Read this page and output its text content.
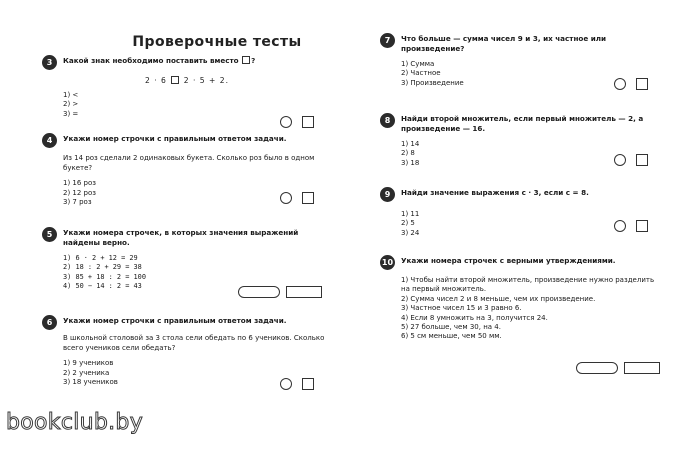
Проверочные тесты
3	Какой знак необходимо поставить вместо ?
2 · 6  2 · 5 + 2.
1) <
2) >
3) =
4	Укажи номер строчки с правильным ответом задачи.
Из 14 роз сделали 2 одинаковых букета. Сколько роз было в одном букете?
1) 16 роз
2) 12 роз
3) 7 роз
5	Укажи номера строчек, в которых значения выражений найдены верно.
1) 6 · 2 + 12 = 29
2) 18 : 2 + 29 = 38
3) 85 + 18 : 2 = 100
4) 50 − 14 : 2 = 43
6	Укажи номер строчки с правильным ответом задачи.
В школьной столовой за 3 стола сели обедать по 6 учеников. Сколько всего учеников сели обедать?
1) 9 учеников
2) 2 ученика
3) 18 учеников
7	Что больше — сумма чисел 9 и 3, их частное или произведение?
1) Сумма
2) Частное
3) Произведение
8	Найди второй множитель, если первый множитель — 2, а произведение — 16.
1) 14
2) 8
3) 18
9	Найди значение выражения с · 3, если с = 8.
1) 11
2) 5
3) 24
10 Укажи номера строчек с верными утверждениями.
1) Чтобы найти второй множитель, произведение нужно разделить на первый множитель.
2) Сумма чисел 2 и 8 меньше, чем их произведение.
3) Частное чисел 15 и 3 равно 6.
4) Если 8 умножить на 3, получится 24.
5) 27 больше, чем 30, на 4.
6) 5 см меньше, чем 50 мм.
bookclub.by
